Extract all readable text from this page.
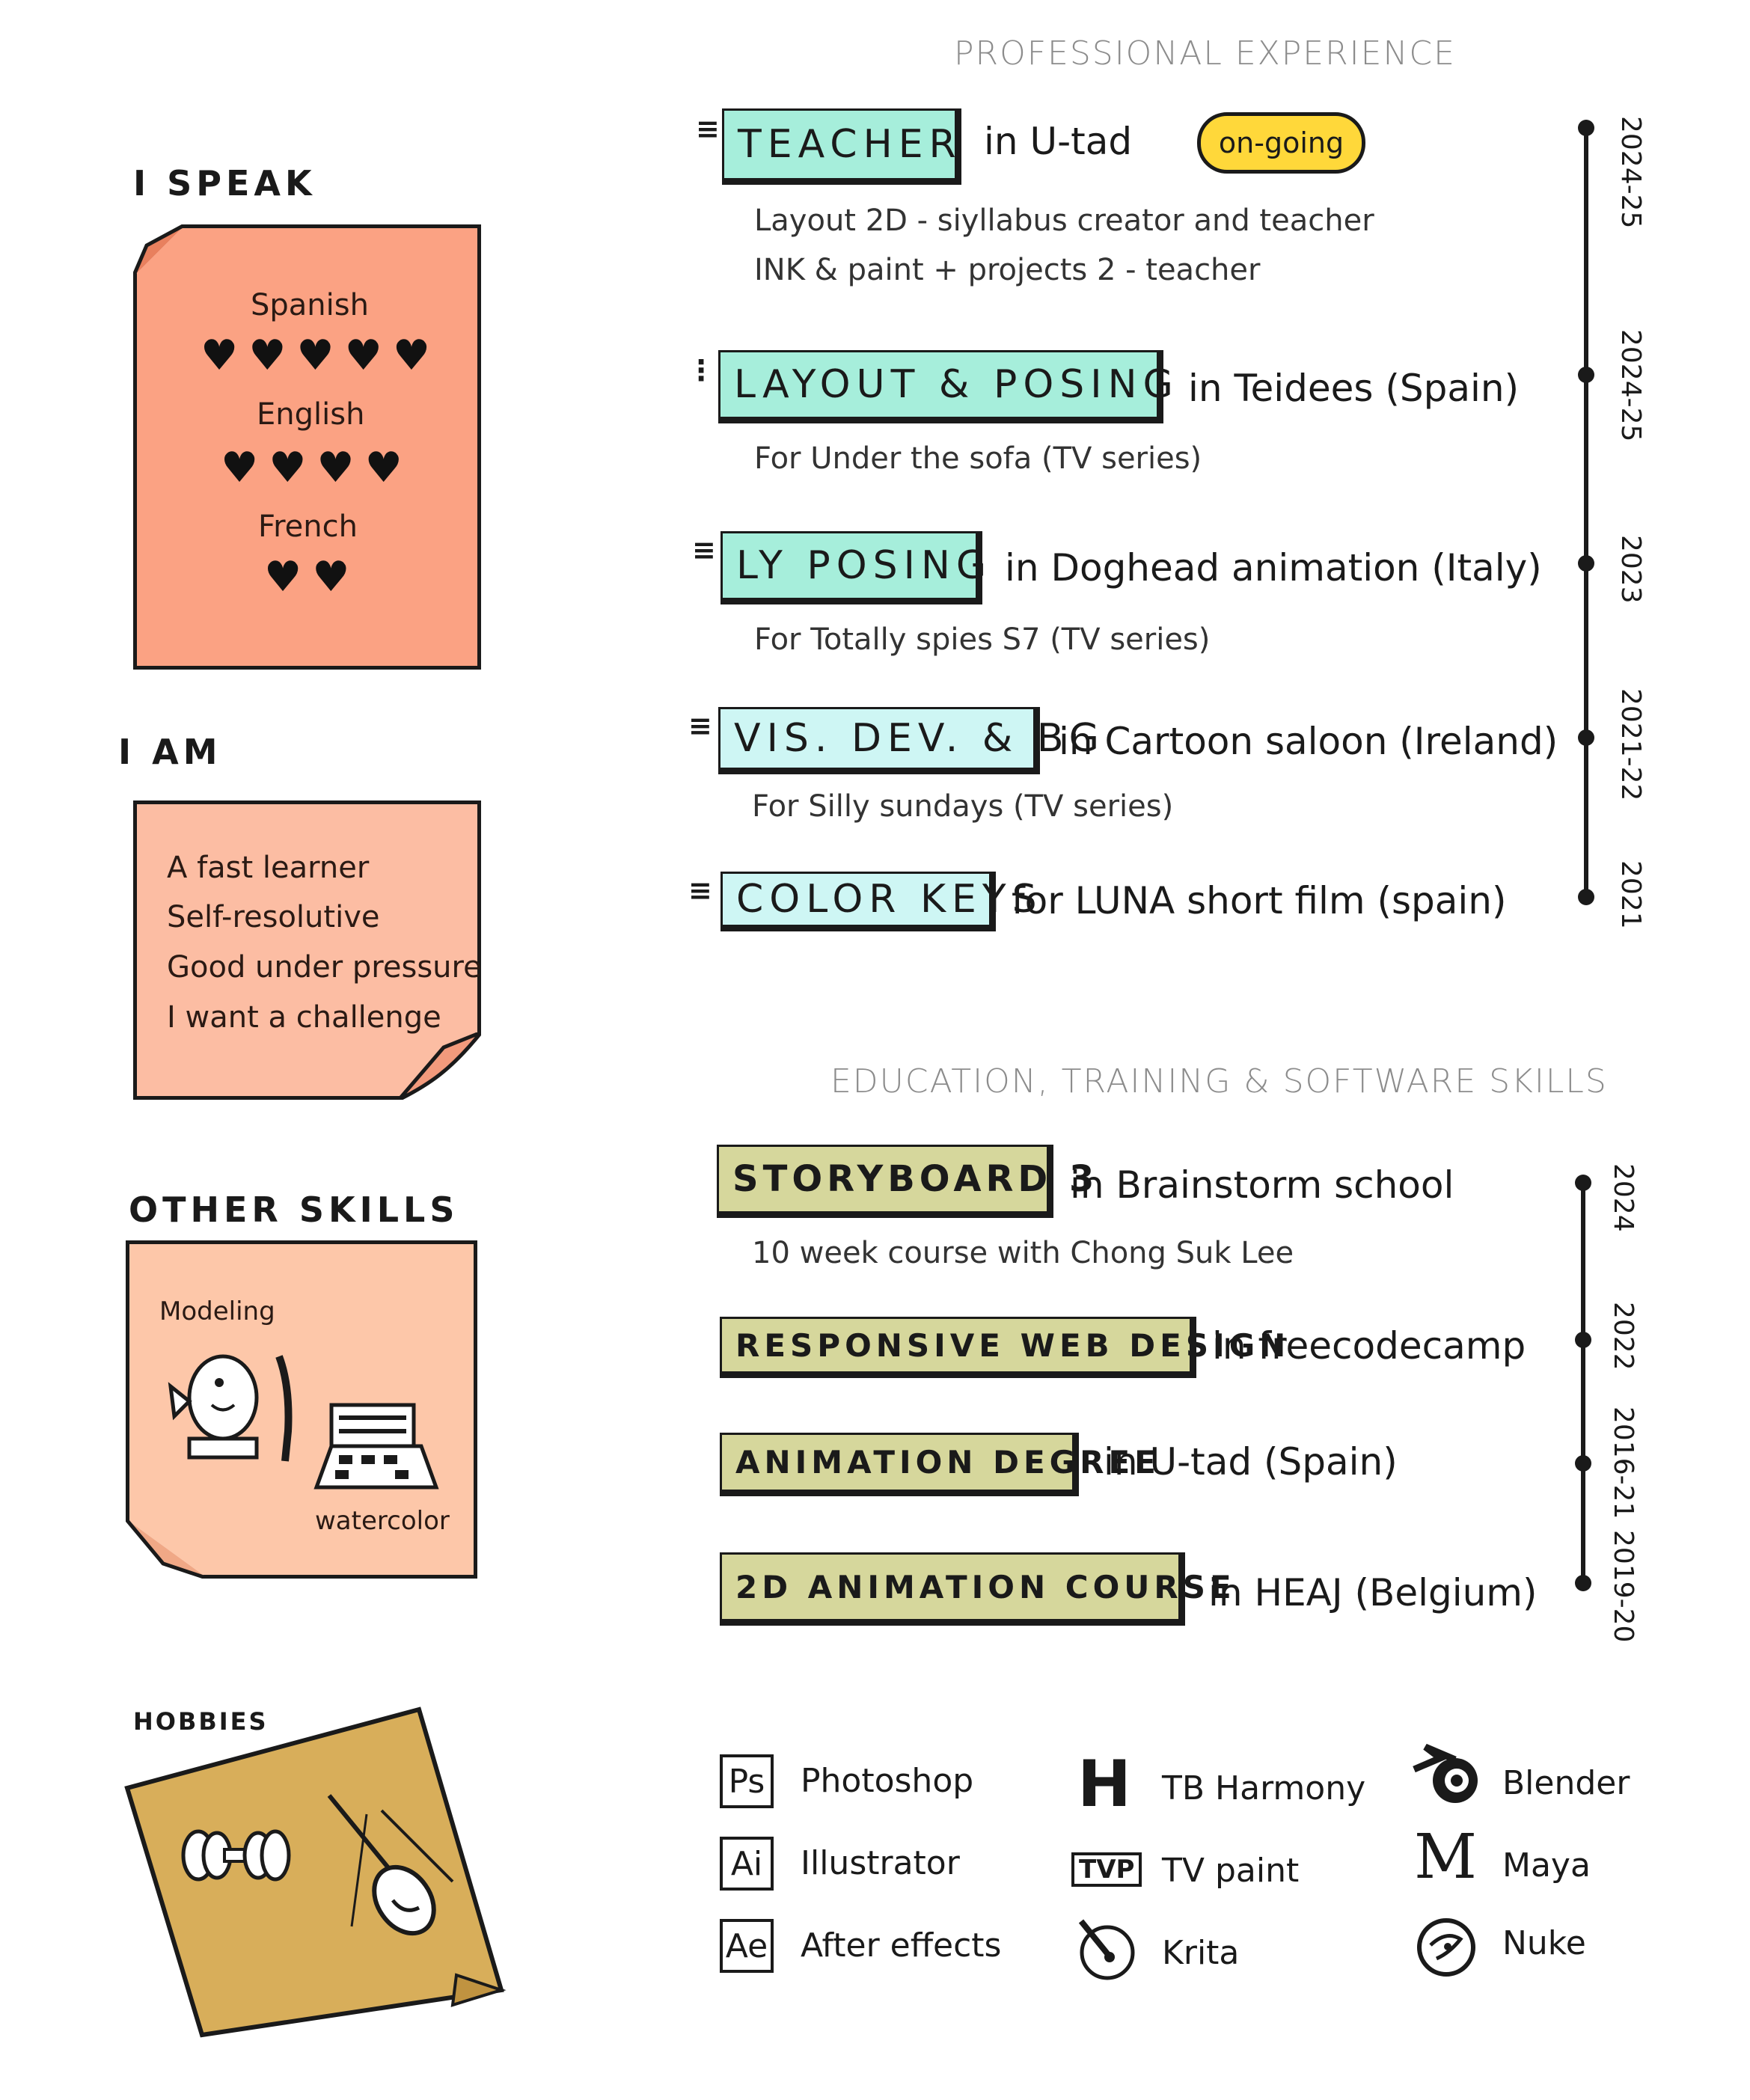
PROFESSIONAL EXPERIENCE
EDUCATION, TRAINING & SOFTWARE SKILLS
I SPEAK
Spanish
♥♥♥♥♥
English
♥♥♥♥
French
♥♥
I AM
A fast learner
Self-resolutive
Good under pressure
I want a challenge
OTHER SKILLS
Modeling
watercolor
HOBBIES
≡ TEACHER in U-tad	on-going
Layout 2D - siyllabus creator and teacher
INK & paint + projects 2 - teacher
⋮ LAYOUT & POSING in Teidees (Spain)
For Under the sofa (TV series)
≡ LY POSING in Doghead animation (Italy)
For Totally spies S7 (TV series)
≡ VIS. DEV. & BG
in Cartoon saloon (Ireland)
For Silly sundays (TV series)
≡ COLOR KEYS
for LUNA short film (spain)
2024-25
2024-25
2023
2021-22
2021
STORYBOARD 3
in Brainstorm school
10 week course with Chong Suk Lee
RESPONSIVE WEB DESIGN
in freecodecamp
ANIMATION DEGREE
in U-tad (Spain)
2D ANIMATION COURSE
in HEAJ (Belgium)
2024
2022
2016-21
2019-20
Ps Photoshop
Ai	Illustrator
Ae After effects
H TB Harmony
TVP TV paint
Krita
Blender
M Maya
Nuke
